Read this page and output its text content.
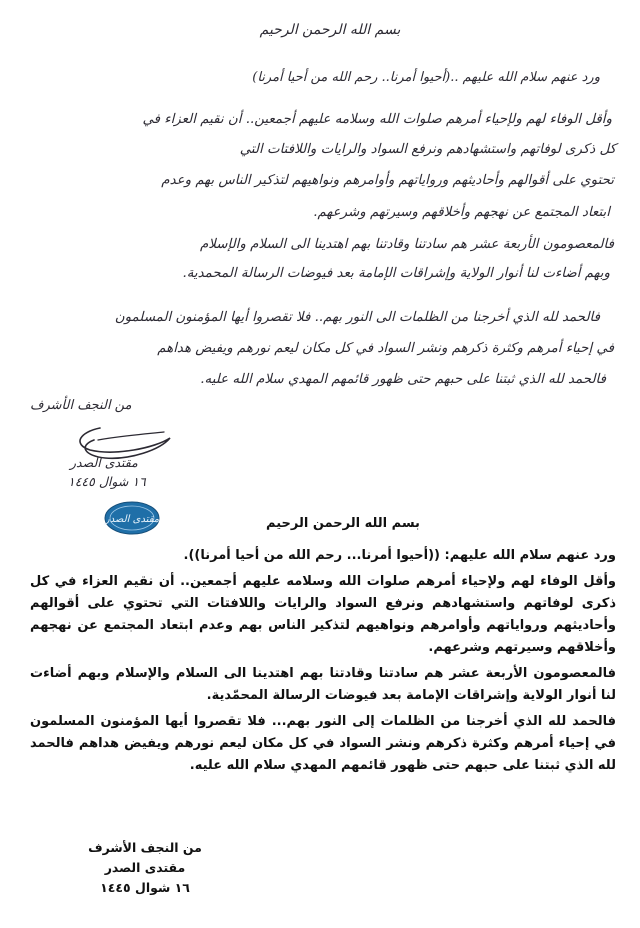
بسم الله الرحمن الرحيم
ورد عنهم سلام الله عليهم ..(أحيوا أمرنا.. رحم الله من أحيا أمرنا)
وأقل الوفاء لهم ولإحياء أمرهم صلوات الله وسلامه عليهم أجمعين.. أن نقيم العزاء في
كل ذكرى لوفاتهم واستشهادهم ونرفع السواد والرايات واللافتات التي
تحتوي على أقوالهم وأحاديثهم ورواياتهم وأوامرهم ونواهيهم لتذكير الناس بهم وعدم
ابتعاد المجتمع عن نهجهم وأخلاقهم وسيرتهم وشرعهم.
فالمعصومون الأربعة عشر هم سادتنا وقادتنا بهم اهتدينا الى السلام والإسلام
وبهم أضاءت لنا أنوار الولاية وإشراقات الإمامة بعد فيوضات الرسالة المحمدية.
فالحمد لله الذي أخرجنا من الظلمات الى النور بهم.. فلا تقصروا أيها المؤمنون المسلمون
في إحياء أمرهم وكثرة ذكرهم ونشر السواد في كل مكان ليعم نورهم ويفيض هداهم
فالحمد لله الذي ثبتنا على حبهم حتى ظهور قائمهم المهدي سلام الله عليه.
من النجف الأشرف
مقتدى الصدر
١٦ شوال ١٤٤٥
مقتدى الصدر	بسم الله الرحمن الرحيم

ورد عنهم سلام الله عليهم: ((أحيوا أمرنا... رحم الله من أحيا أمرنا)).

وأقل الوفاء لهم ولإحياء أمرهم صلوات الله وسلامه عليهم أجمعين.. أن نقيم العزاء في كل ذكرى لوفاتهم واستشهادهم ونرفع السواد والرايات واللافتات التي تحتوي على أقوالهم وأحاديثهم ورواياتهم وأوامرهم ونواهيهم لتذكير الناس بهم وعدم ابتعاد المجتمع عن نهجهم وأخلاقهم وسيرتهم وشرعهم.

فالمعصومون الأربعة عشر هم سادتنا وقادتنا بهم اهتدينا الى السلام والإسلام وبهم أضاءت لنا أنوار الولاية وإشراقات الإمامة بعد فيوضات الرسالة المحمّدية.

فالحمد لله الذي أخرجنا من الظلمات إلى النور بهم... فلا تقصروا أيها المؤمنون المسلمون في إحياء أمرهم وكثرة ذكرهم ونشر السواد في كل مكان ليعم نورهم ويفيض هداهم فالحمد لله الذي ثبتنا على حبهم حتى ظهور قائمهم المهدي سلام الله عليه.

من النجف الأشرف
مقتدى الصدر
١٦ شوال ١٤٤٥
